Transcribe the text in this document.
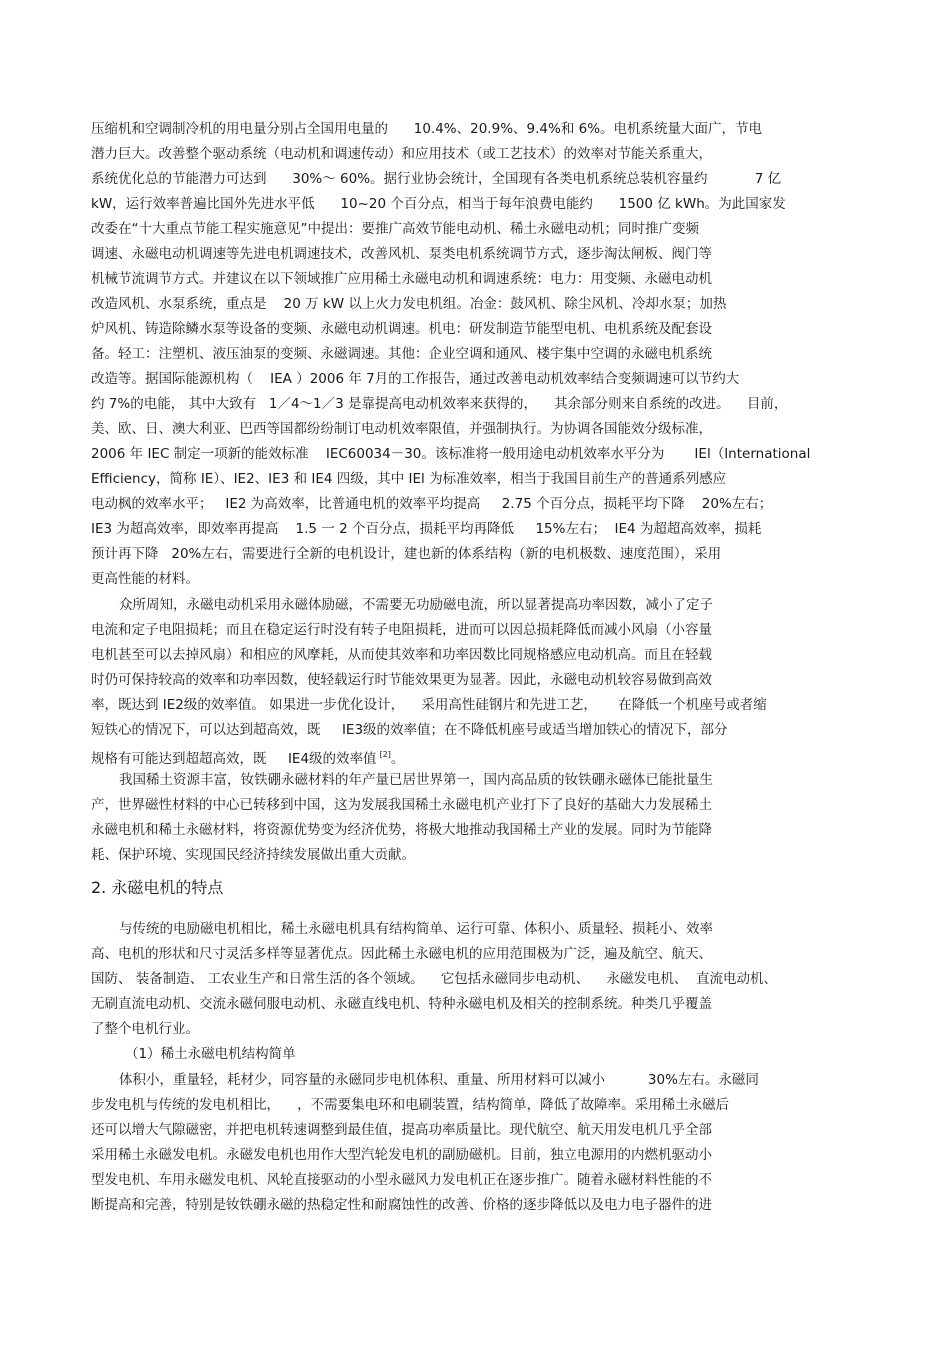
压缩机和空调制冷机的用电量分别占全国用电量的      10.4%、20.9%、9.4%和 6%。电机系统量大面广，节电

潜力巨大。改善整个驱动系统（电动机和调速传动）和应用技术（或工艺技术）的效率对节能关系重大，

系统优化总的节能潜力可达到      30%～ 60%。据行业协会统计，全国现有各类电机系统总装机容量约           7 亿

kW，运行效率普遍比国外先进水平低      10~20 个百分点，相当于每年浪费电能约      1500 亿 kWh。为此国家发

改委在“十大重点节能工程实施意见”中提出：要推广高效节能电动机、稀土永磁电动机；同时推广变频

调速、永磁电动机调速等先进电机调速技术，改善风机、泵类电机系统调节方式，逐步淘汰闸板、阀门等

机械节流调节方式。并建议在以下领域推广应用稀土永磁电动机和调速系统：电力：用变频、永磁电动机

改造风机、水泵系统，重点是    20 万 kW 以上火力发电机组。冶金：鼓风机、除尘风机、冷却水泵；加热

炉风机、铸造除鳞水泵等设备的变频、永磁电动机调速。机电：研发制造节能型电机、电机系统及配套设

备。轻工：注塑机、液压油泵的变频、永磁调速。其他：企业空调和通风、楼宇集中空调的永磁电机系统

改造等。据国际能源机构（    IEA ）2006 年 7月的工作报告，通过改善电动机效率结合变频调速可以节约大

约 7%的电能， 其中大致有   1／4～1／3 是靠提高电动机效率来获得的，    其余部分则来自系统的改进。    目前，

美、欧、日、澳大利亚、巴西等国都纷纷制订电动机效率限值，并强制执行。为协调各国能效分级标准，

2006 年 IEC 制定一项新的能效标准    IEC60034－30。该标准将一般用途电动机效率水平分为       IEl（International

Efficiency，简称 IE）、IE2、IE3 和 IE4 四级，其中 IEl 为标准效率，相当于我国目前生产的普通系列感应

电动枫的效率水平；   IE2 为高效率，比普通电机的效率平均提高     2.75 个百分点，损耗平均下降    20%左右；

IE3 为超高效率，即效率再提高    1.5 一 2 个百分点，损耗平均再降低     15%左右；  IE4 为超超高效率，损耗

预计再下降   20%左右，需要进行全新的电机设计，建也新的体系结构（新的电机极数、速度范围），采用

更高性能的材料。

众所周知，永磁电动机采用永磁体励磁，不需要无功励磁电流，所以显著提高功率因数，减小了定子

电流和定子电阻损耗；而且在稳定运行时没有转子电阻损耗，进而可以因总损耗降低而减小风扇（小容量

电机甚至可以去掉风扇）和相应的风摩耗，从而使其效率和功率因数比同规格感应电动机高。而且在轻载

时仍可保持较高的效率和功率因数，使轻载运行时节能效果更为显著。因此，永磁电动机较容易做到高效

率，既达到 IE2级的效率值。 如果进一步优化设计，    采用高性硅钢片和先进工艺，     在降低一个机座号或者缩

短铁心的情况下，可以达到超高效，既     IE3级的效率值；在不降低机座号或适当增加铁心的情况下，部分

规格有可能达到超超高效，既     IE4级的效率值 [2]。

我国稀土资源丰富，钕铁硼永磁材料的年产量已居世界第一，国内高品质的钕铁硼永磁体已能批量生

产，世界磁性材料的中心已转移到中国，这为发展我国稀土永磁电机产业打下了良好的基础大力发展稀土

永磁电机和稀土永磁材料，将资源优势变为经济优势，将极大地推动我国稀土产业的发展。同时为节能降

耗、保护环境、实现国民经济持续发展做出重大贡献。

2. 永磁电机的特点

与传统的电励磁电机相比，稀土永磁电机具有结构简单、运行可靠、体积小、质量轻、损耗小、效率

高、电机的形状和尺寸灵活多样等显著优点。因此稀土永磁电机的应用范围极为广泛，遍及航空、航天、

国防、 装备制造、 工农业生产和日常生活的各个领域。    它包括永磁同步电动机、    永磁发电机、  直流电动机、

无刷直流电动机、交流永磁伺服电动机、永磁直线电机、特种永磁电机及相关的控制系统。种类几乎覆盖

了整个电机行业。

（1）稀土永磁电机结构简单

体积小，重量轻，耗材少，同容量的永磁同步电机体积、重量、所用材料可以减小          30%左右。永磁同

步发电机与传统的发电机相比，    ，不需要集电环和电刷装置，结构简单，降低了故障率。采用稀土永磁后

还可以增大气隙磁密，并把电机转速调整到最佳值，提高功率质量比。现代航空、航天用发电机几乎全部

采用稀土永磁发电机。永磁发电机也用作大型汽轮发电机的副励磁机。目前，独立电源用的内燃机驱动小

型发电机、车用永磁发电机、风轮直接驱动的小型永磁风力发电机正在逐步推广。随着永磁材料性能的不

断提高和完善，特别是钕铁硼永磁的热稳定性和耐腐蚀性的改善、价格的逐步降低以及电力电子器件的进
